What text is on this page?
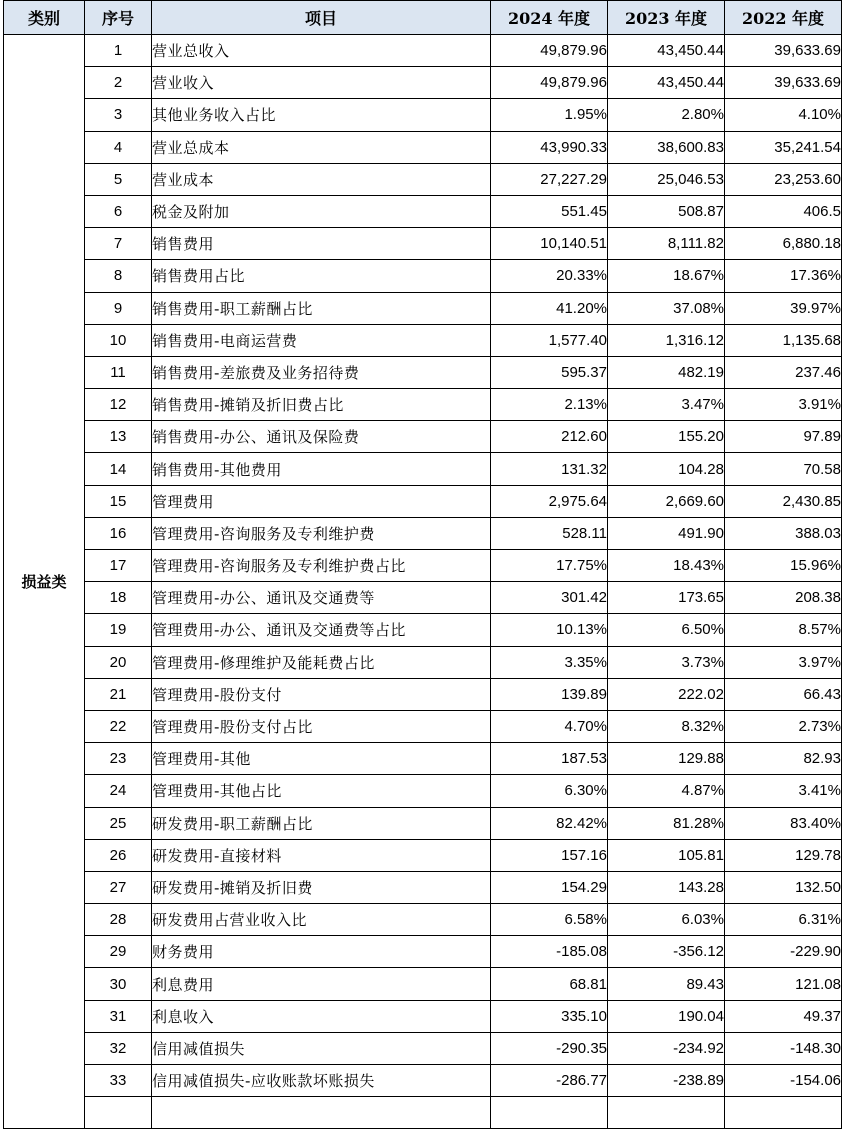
类别	序号	项目	2024 年度	2023 年度	2022 年度
损益类	1	营业总收入	49,879.96	43,450.44	39,633.69
	2	营业收入	49,879.96	43,450.44	39,633.69
	3	其他业务收入占比	1.95%	2.80%	4.10%
	4	营业总成本	43,990.33	38,600.83	35,241.54
	5	营业成本	27,227.29	25,046.53	23,253.60
	6	税金及附加	551.45	508.87	406.5
	7	销售费用	10,140.51	8,111.82	6,880.18
	8	销售费用占比	20.33%	18.67%	17.36%
	9	销售费用-职工薪酬占比	41.20%	37.08%	39.97%
	10	销售费用-电商运营费	1,577.40	1,316.12	1,135.68
	11	销售费用-差旅费及业务招待费	595.37	482.19	237.46
	12	销售费用-摊销及折旧费占比	2.13%	3.47%	3.91%
	13	销售费用-办公、通讯及保险费	212.60	155.20	97.89
	14	销售费用-其他费用	131.32	104.28	70.58
	15	管理费用	2,975.64	2,669.60	2,430.85
	16	管理费用-咨询服务及专利维护费	528.11	491.90	388.03
	17	管理费用-咨询服务及专利维护费占比	17.75%	18.43%	15.96%
	18	管理费用-办公、通讯及交通费等	301.42	173.65	208.38
	19	管理费用-办公、通讯及交通费等占比	10.13%	6.50%	8.57%
	20	管理费用-修理维护及能耗费占比	3.35%	3.73%	3.97%
	21	管理费用-股份支付	139.89	222.02	66.43
	22	管理费用-股份支付占比	4.70%	8.32%	2.73%
	23	管理费用-其他	187.53	129.88	82.93
	24	管理费用-其他占比	6.30%	4.87%	3.41%
	25	研发费用-职工薪酬占比	82.42%	81.28%	83.40%
	26	研发费用-直接材料	157.16	105.81	129.78
	27	研发费用-摊销及折旧费	154.29	143.28	132.50
	28	研发费用占营业收入比	6.58%	6.03%	6.31%
	29	财务费用	-185.08	-356.12	-229.90
	30	利息费用	68.81	89.43	121.08
	31	利息收入	335.10	190.04	49.37
	32	信用减值损失	-290.35	-234.92	-148.30
	33	信用减值损失-应收账款坏账损失	-286.77	-238.89	-154.06
